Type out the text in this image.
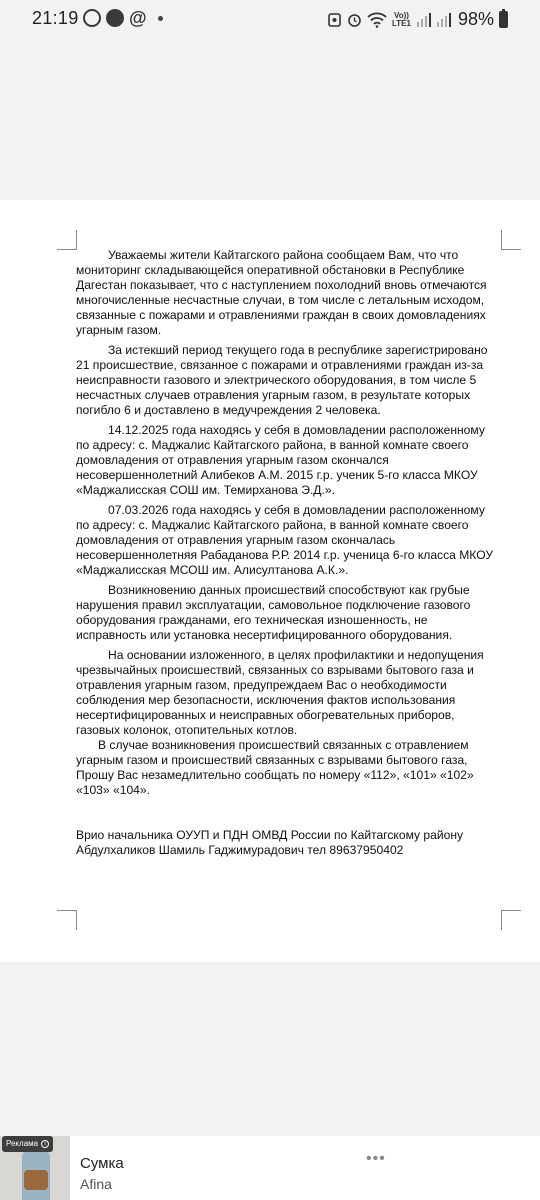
21:19	@	Vo))
LTE1	98%

Уважаемы жители Кайтагского района сообщаем Вам, что что мониторинг складывающейся оперативной обстановки в Республике Дагестан показывает, что с наступлением похолодний вновь отмечаются многочисленные несчастные случаи, в том числе с летальным исходом, связанные с пожарами и отравлениями граждан в своих домовладениях угарным газом.

За истекший период текущего года в республике зарегистрировано 21 происшествие, связанное с пожарами и отравлениями граждан из-за неисправности газового и электрического оборудования, в том числе 5 несчастных случаев отравления угарным газом, в результате которых погибло 6 и доставлено в медучреждения 2 человека.

14.12.2025 года находясь у себя в домовладении расположенному по адресу: с. Маджалис Кайтагского района, в ванной комнате своего домовладения от отравления угарным газом скончался несовершеннолетний Алибеков А.М. 2015 г.р. ученик 5-го класса МКОУ «Маджалисская СОШ им. Темирханова Э.Д.».

07.03.2026 года находясь у себя в домовладении расположенному по адресу: с. Маджалис Кайтагского района, в ванной комнате своего домовладения от отравления угарным газом скончалась несовершеннолетняя Рабаданова Р.Р. 2014 г.р. ученица 6-го класса МКОУ «Маджалисская МСОШ им. Алисултанова А.К.».

Возникновению данных происшествий способствуют как грубые нарушения правил эксплуатации, самовольное подключение газового оборудования гражданами, его техническая изношенность, не исправность или установка несертифицированного оборудования.

На основании изложенного, в целях профилактики и недопущения чрезвычайных происшествий, связанных со взрывами бытового газа и отравления угарным газом, предупреждаем Вас о необходимости соблюдения мер безопасности, исключения фактов использования несертифицированных и неисправных обогревательных приборов, газовых колонок, отопительных котлов.

В случае возникновения происшествий связанных с отравлением угарным газом и происшествий связанных с взрывами бытового газа, Прошу Вас незамедлительно сообщать по номеру «112», «101» «102» «103» «104».

Врио начальника ОУУП и ПДН ОМВД России по Кайтагскому району Абдулхаликов Шамиль Гаджимурадович тел 89637950402

Реклама	i
Сумка
Afina
•••
